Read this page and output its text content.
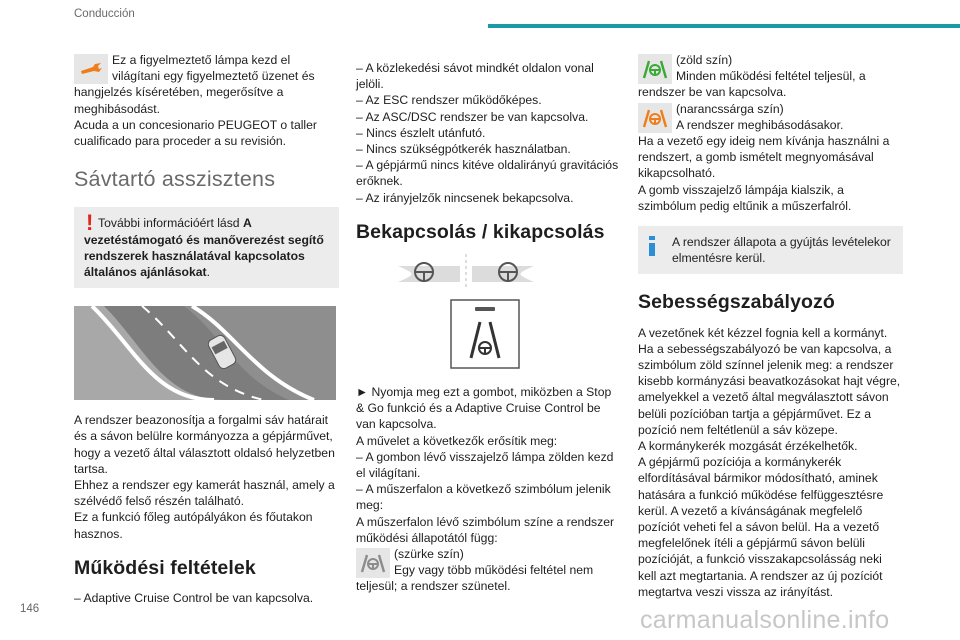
Conducción

Ez a figyelmeztető lámpa kezd el világítani egy figyelmeztető üzenet és hangjelzés kíséretében, megerősítve a meghibásodást.

Acuda a un concesionario PEUGEOT o taller cualificado para proceder a su revisión.

Sávtartó asszisztens
! További információért lásd A vezetéstámogató és manőverezést segítő rendszerek használatával kapcsolatos általános ajánlásokat.

A rendszer beazonosítja a forgalmi sáv határait és a sávon belülre kormányozza a gépjárművet, hogy a vezető által választott oldalsó helyzetben tartsa.

Ehhez a rendszer egy kamerát használ, amely a szélvédő felső részén található.

Ez a funkció főleg autópályákon és főutakon hasznos.

Működési feltételek

– Adaptive Cruise Control be van kapcsolva.

– A közlekedési sávot mindkét oldalon vonal jelöli.

– Az ESC rendszer működőképes.

– Az ASC/DSC rendszer be van kapcsolva.

– Nincs észlelt utánfutó.

– Nincs szükségpótkerék használatban.

– A gépjármű nincs kitéve oldalirányú gravitációs erőknek.

– Az irányjelzők nincsenek bekapcsolva.

Bekapcsolás / kikapcsolás

► Nyomja meg ezt a gombot, miközben a Stop & Go funkció és a Adaptive Cruise Control be van kapcsolva.

A művelet a következők erősítik meg:

– A gombon lévő visszajelző lámpa zölden kezd el világítani.

– A műszerfalon a következő szimbólum jelenik meg:

A műszerfalon lévő szimbólum színe a rendszer működési állapotától függ:

(szürke szín)

Egy vagy több működési feltétel nem teljesül; a rendszer szünetel.

(zöld szín)

Minden működési feltétel teljesül, a rendszer be van kapcsolva.

(narancssárga szín)

A rendszer meghibásodásakor.

Ha a vezető egy ideig nem kívánja használni a rendszert, a gomb ismételt megnyomásával kikapcsolható.

A gomb visszajelző lámpája kialszik, a szimbólum pedig eltűnik a műszerfalról.

A rendszer állapota a gyújtás levételekor elmentésre kerül.

Sebességszabályozó

A vezetőnek két kézzel fognia kell a kormányt.

Ha a sebességszabályozó be van kapcsolva, a szimbólum zöld színnel jelenik meg: a rendszer kisebb kormányzási beavatkozásokat hajt végre, amelyekkel a vezető által megválasztott sávon belüli pozícióban tartja a gépjárművet. Ez a pozíció nem feltétlenül a sáv közepe.

A kormánykerék mozgását érzékelhetők.

A gépjármű pozíciója a kormánykerék elfordításával bármikor módosítható, aminek hatására a funkció működése felfüggesztésre kerül. A vezető a kívánságának megfelelő pozíciót veheti fel a sávon belül. Ha a vezető megfelelőnek ítéli a gépjármű sávon belüli pozícióját, a funkció visszakapcsolásság neki kell azt megtartania. A rendszer az új pozíciót megtartva veszi vissza az irányítást.

146	carmanualsonline.info
